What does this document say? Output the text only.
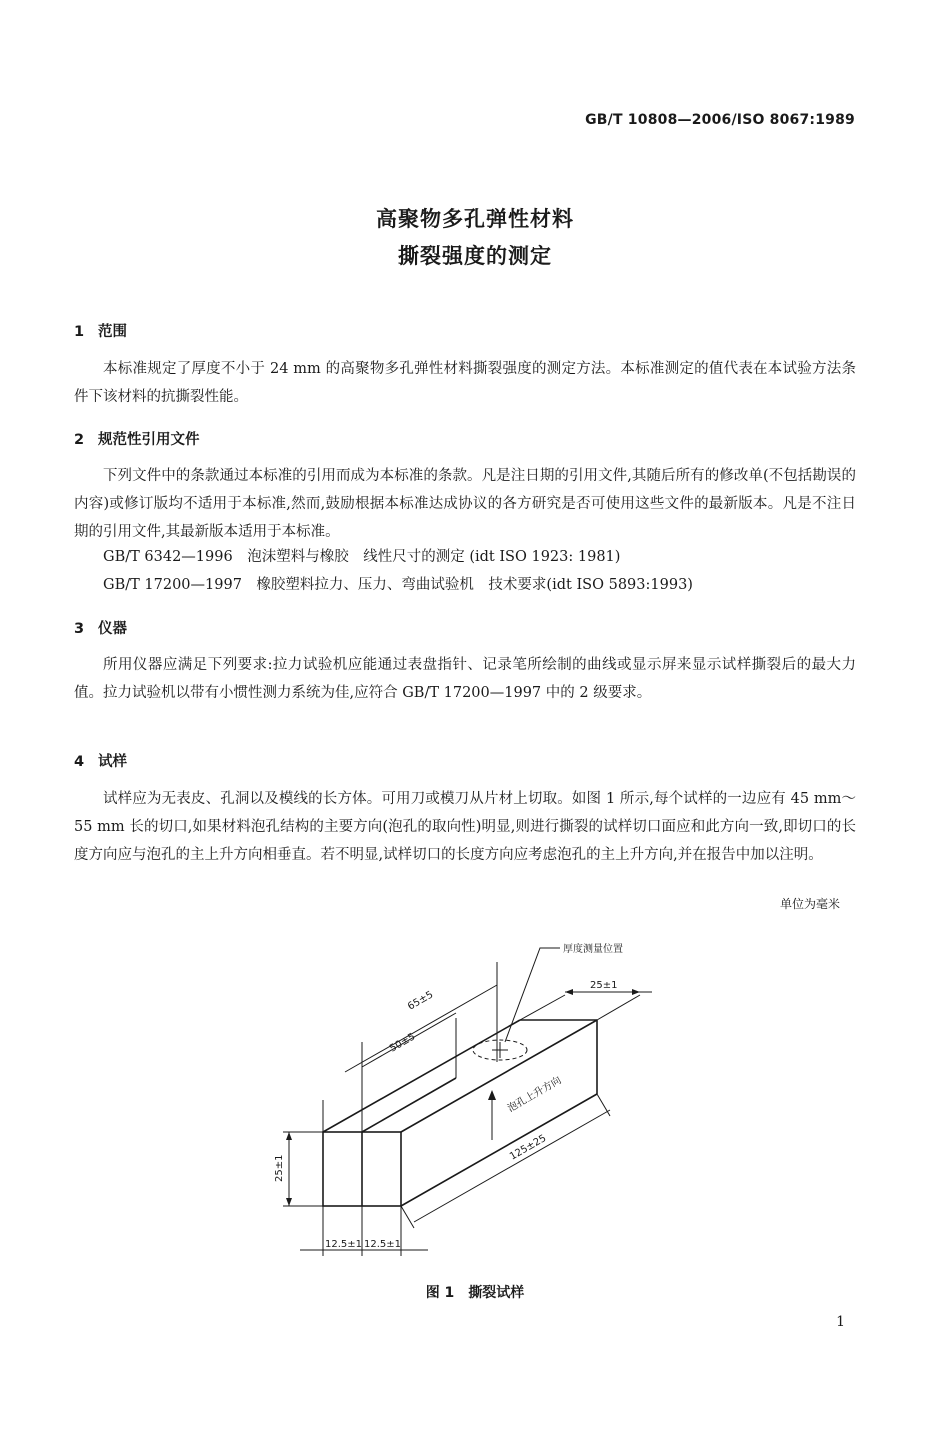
GB/T 10808—2006/ISO 8067:1989
高聚物多孔弹性材料
撕裂强度的测定
1 范围

本标准规定了厚度不小于 24 mm 的高聚物多孔弹性材料撕裂强度的测定方法。本标准测定的值代表在本试验方法条件下该材料的抗撕裂性能。

2 规范性引用文件

下列文件中的条款通过本标准的引用而成为本标准的条款。凡是注日期的引用文件,其随后所有的修改单(不包括勘误的内容)或修订版均不适用于本标准,然而,鼓励根据本标准达成协议的各方研究是否可使用这些文件的最新版本。凡是不注日期的引用文件,其最新版本适用于本标准。

GB/T 6342—1996　泡沫塑料与橡胶　线性尺寸的测定 (idt ISO 1923: 1981)
GB/T 17200—1997　橡胶塑料拉力、压力、弯曲试验机　技术要求(idt ISO 5893:1993)
3 仪器

所用仪器应满足下列要求:拉力试验机应能通过表盘指针、记录笔所绘制的曲线或显示屏来显示试样撕裂后的最大力值。拉力试验机以带有小惯性测力系统为佳,应符合 GB/T 17200—1997 中的 2 级要求。

4 试样

试样应为无表皮、孔洞以及模线的长方体。可用刀或模刀从片材上切取。如图 1 所示,每个试样的一边应有 45 mm～55 mm 长的切口,如果材料泡孔结构的主要方向(泡孔的取向性)明显,则进行撕裂的试样切口面应和此方向一致,即切口的长度方向应与泡孔的主上升方向相垂直。若不明显,试样切口的长度方向应考虑泡孔的主上升方向,并在报告中加以注明。

单位为毫米
厚度测量位置
25±1
65±5
50±5
泡孔上升方向
125±25
25±1
12.5±1 12.5±1
图 1 撕裂试样
1
